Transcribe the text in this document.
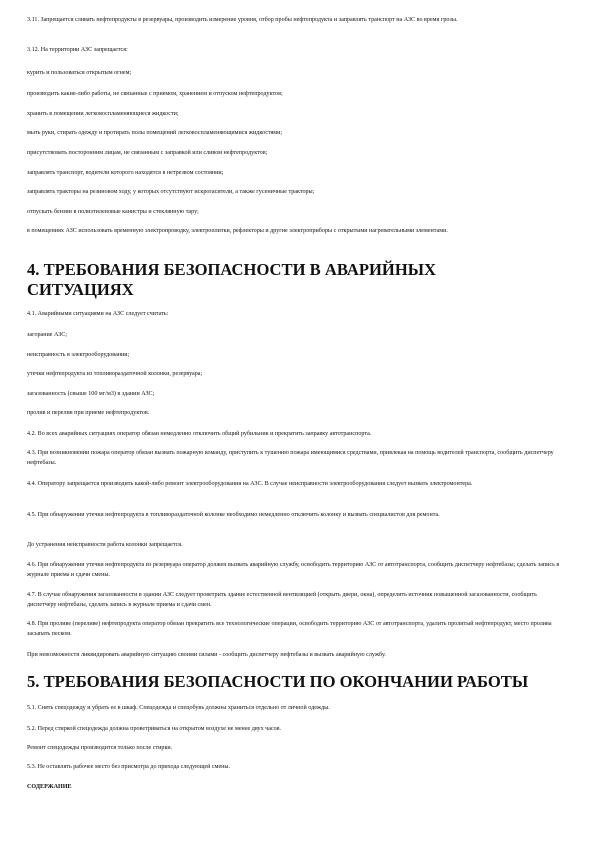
3.11. Запрещается сливать нефтепродукты в резервуары, производить измерение уровня, отбор пробы нефтепродукта и заправлять транспорт на АЗС во время грозы.

3.12. На территории АЗС запрещается:

курить и пользоваться открытым огнем;

производить какие-либо работы, не связанные с приемом, хранением и отпуском нефтепродуктов;

хранить в помещении легковоспламеняющиеся жидкости;

мыть руки, стирать одежду и протирать полы помещений легковоспламеняющимися жидкостями;

присутствовать посторонним лицам, не связанным с заправкой или сливом нефтепродуктов;

заправлять транспорт, водители которого находятся в нетрезвом состоянии;

заправлять тракторы на резиновом ходу, у которых отсутствуют искрогасители, а также гусеничные тракторы;

отпускать бензин в полиэтиленовые канистры и стеклянную тару;

в помещениях АЗС использовать временную электропроводку, электроплитки, рефлекторы и другие электроприборы с открытыми нагревательными элементами.

4. ТРЕБОВАНИЯ БЕЗОПАСНОСТИ В АВАРИЙНЫХ
СИТУАЦИЯХ

4.1. Аварийными ситуациями на АЗС следует считать:

загорание АЗС;

неисправность в электрооборудовании;

утечки нефтепродукта из топливораздаточной колонки, резервуара;

загазованность (свыше 100 мг/м3) в здании АЗС;

пролив и перелив при приеме нефтепродуктов.

4.2. Во всех аварийных ситуациях оператор обязан немедленно отключить общий рубильник и прекратить заправку автотранспорта.

4.3. При возникновении пожара оператор обязан вызвать пожарную команду, приступить к тушению пожара имеющимися средствами, привлекая на помощь водителей транспорта, сообщить диспетчеру нефтебазы.

4.4. Оператору запрещается производить какой-либо ремонт электрооборудования на АЗС. В случае неисправности электрооборудования следует вызвать электромонтера.

4.5. При обнаружении утечки нефтепродукта в топливораздаточной колонке необходимо немедленно отключить колонку и вызвать специалистов для ремонта.

До устранения неисправности работа колонки запрещается.

4.6. При обнаружении утечки нефтепродукта из резервуара оператор должен вызвать аварийную службу, освободить территорию АЗС от автотранспорта, сообщить диспетчеру нефтебазы; сделать запись в журнале приема и сдачи смены.

4.7. В случае обнаружения загазованности в здании АЗС следует проветрить здание естественной вентиляцией (открыть двери, окна), определить источник повышенной загазованности, сообщить диспетчеру нефтебазы, сделать запись в журнале приема и сдачи смен.

4.8. При проливе (переливе) нефтепродукта оператор обязан прекратить все технологические операции, освободить территорию АЗС от автотранспорта, удалить пролитый нефтепродукт, место пролива засыпать песком.

При невозможности ликвидировать аварийную ситуацию своими силами - сообщить диспетчеру нефтебазы и вызвать аварийную службу.

5. ТРЕБОВАНИЯ БЕЗОПАСНОСТИ ПО ОКОНЧАНИИ РАБОТЫ

5.1. Снять спецодежду и убрать ее в шкаф. Спецодежда и спецобувь должны храниться отдельно от личной одежды.

5.2. Перед стиркой спецодежда должна проветриваться на открытом воздухе не менее двух часов.

Ремонт спецодежды производится только после стирки.

5.3. Не оставлять рабочее место без присмотра до прихода следующей смены.

СОДЕРЖАНИЕ
